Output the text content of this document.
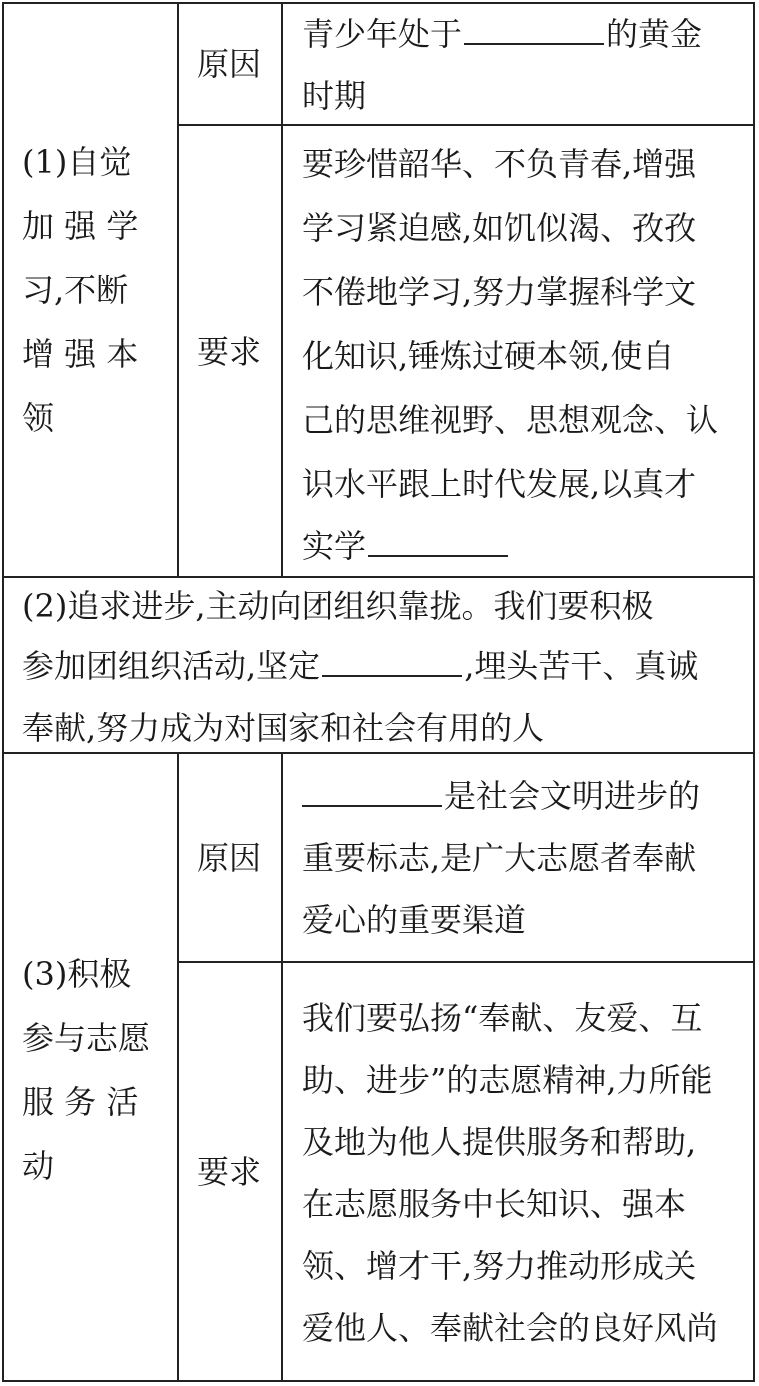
(1)自觉
加 强 学
习,不断
增 强 本
领
原因
青少年处于	的黄金
时期
要求
要珍惜韶华、不负青春,增强
学习紧迫感,如饥似渴、孜孜
不倦地学习,努力掌握科学文
化知识,锤炼过硬本领,使自
己的思维视野、思想观念、认
识水平跟上时代发展,以真才
实学
(2)追求进步,主动向团组织靠拢。我们要积极
参加团组织活动,坚定	,埋头苦干、真诚
奉献,努力成为对国家和社会有用的人
(3)积极
参与志愿
服 务 活
动
原因
是社会文明进步的
重要标志,是广大志愿者奉献
爱心的重要渠道
要求
我们要弘扬“奉献、友爱、互
助、进步”的志愿精神,力所能
及地为他人提供服务和帮助,
在志愿服务中长知识、强本
领、增才干,努力推动形成关
爱他人、奉献社会的良好风尚
